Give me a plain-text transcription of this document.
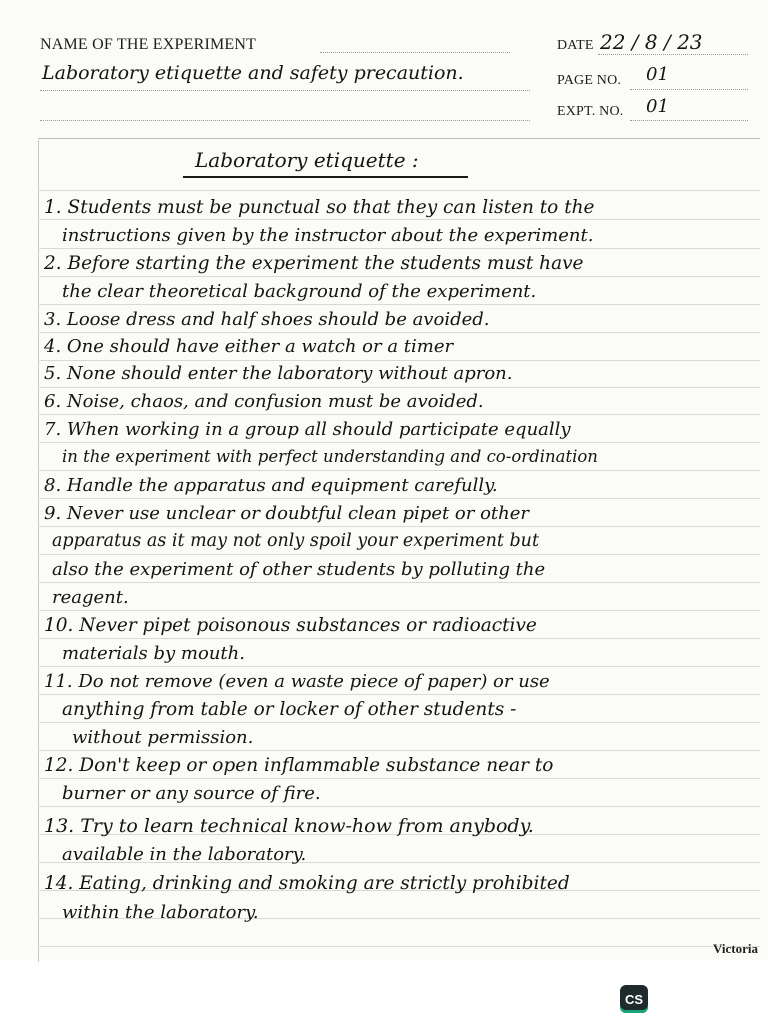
NAME OF THE EXPERIMENT	DATE 22 / 8 / 23
Laboratory etiquette and safety precaution.	PAGE NO. 01
EXPT. NO. 01
Laboratory etiquette :
1. Students must be punctual so that they can listen to the
instructions given by the instructor about the experiment.
2. Before starting the experiment the students must have
the clear theoretical background of the experiment.
3. Loose dress and half shoes should be avoided.
4. One should have either a watch or a timer
5. None should enter the laboratory without apron.
6. Noise, chaos, and confusion must be avoided.
7. When working in a group all should participate equally
in the experiment with perfect understanding and co-ordination
8. Handle the apparatus and equipment carefully.
9. Never use unclear or doubtful clean pipet or other
apparatus as it may not only spoil your experiment but
also the experiment of other students by polluting the
reagent.
10. Never pipet poisonous substances or radioactive
materials by mouth.
11. Do not remove (even a waste piece of paper) or use
anything from table or locker of other students -
without permission.
12. Don't keep or open inflammable substance near to
burner or any source of fire.
13. Try to learn technical know-how from anybody.
available in the laboratory.
14. Eating, drinking and smoking are strictly prohibited
within the laboratory.
Victoria
CS
